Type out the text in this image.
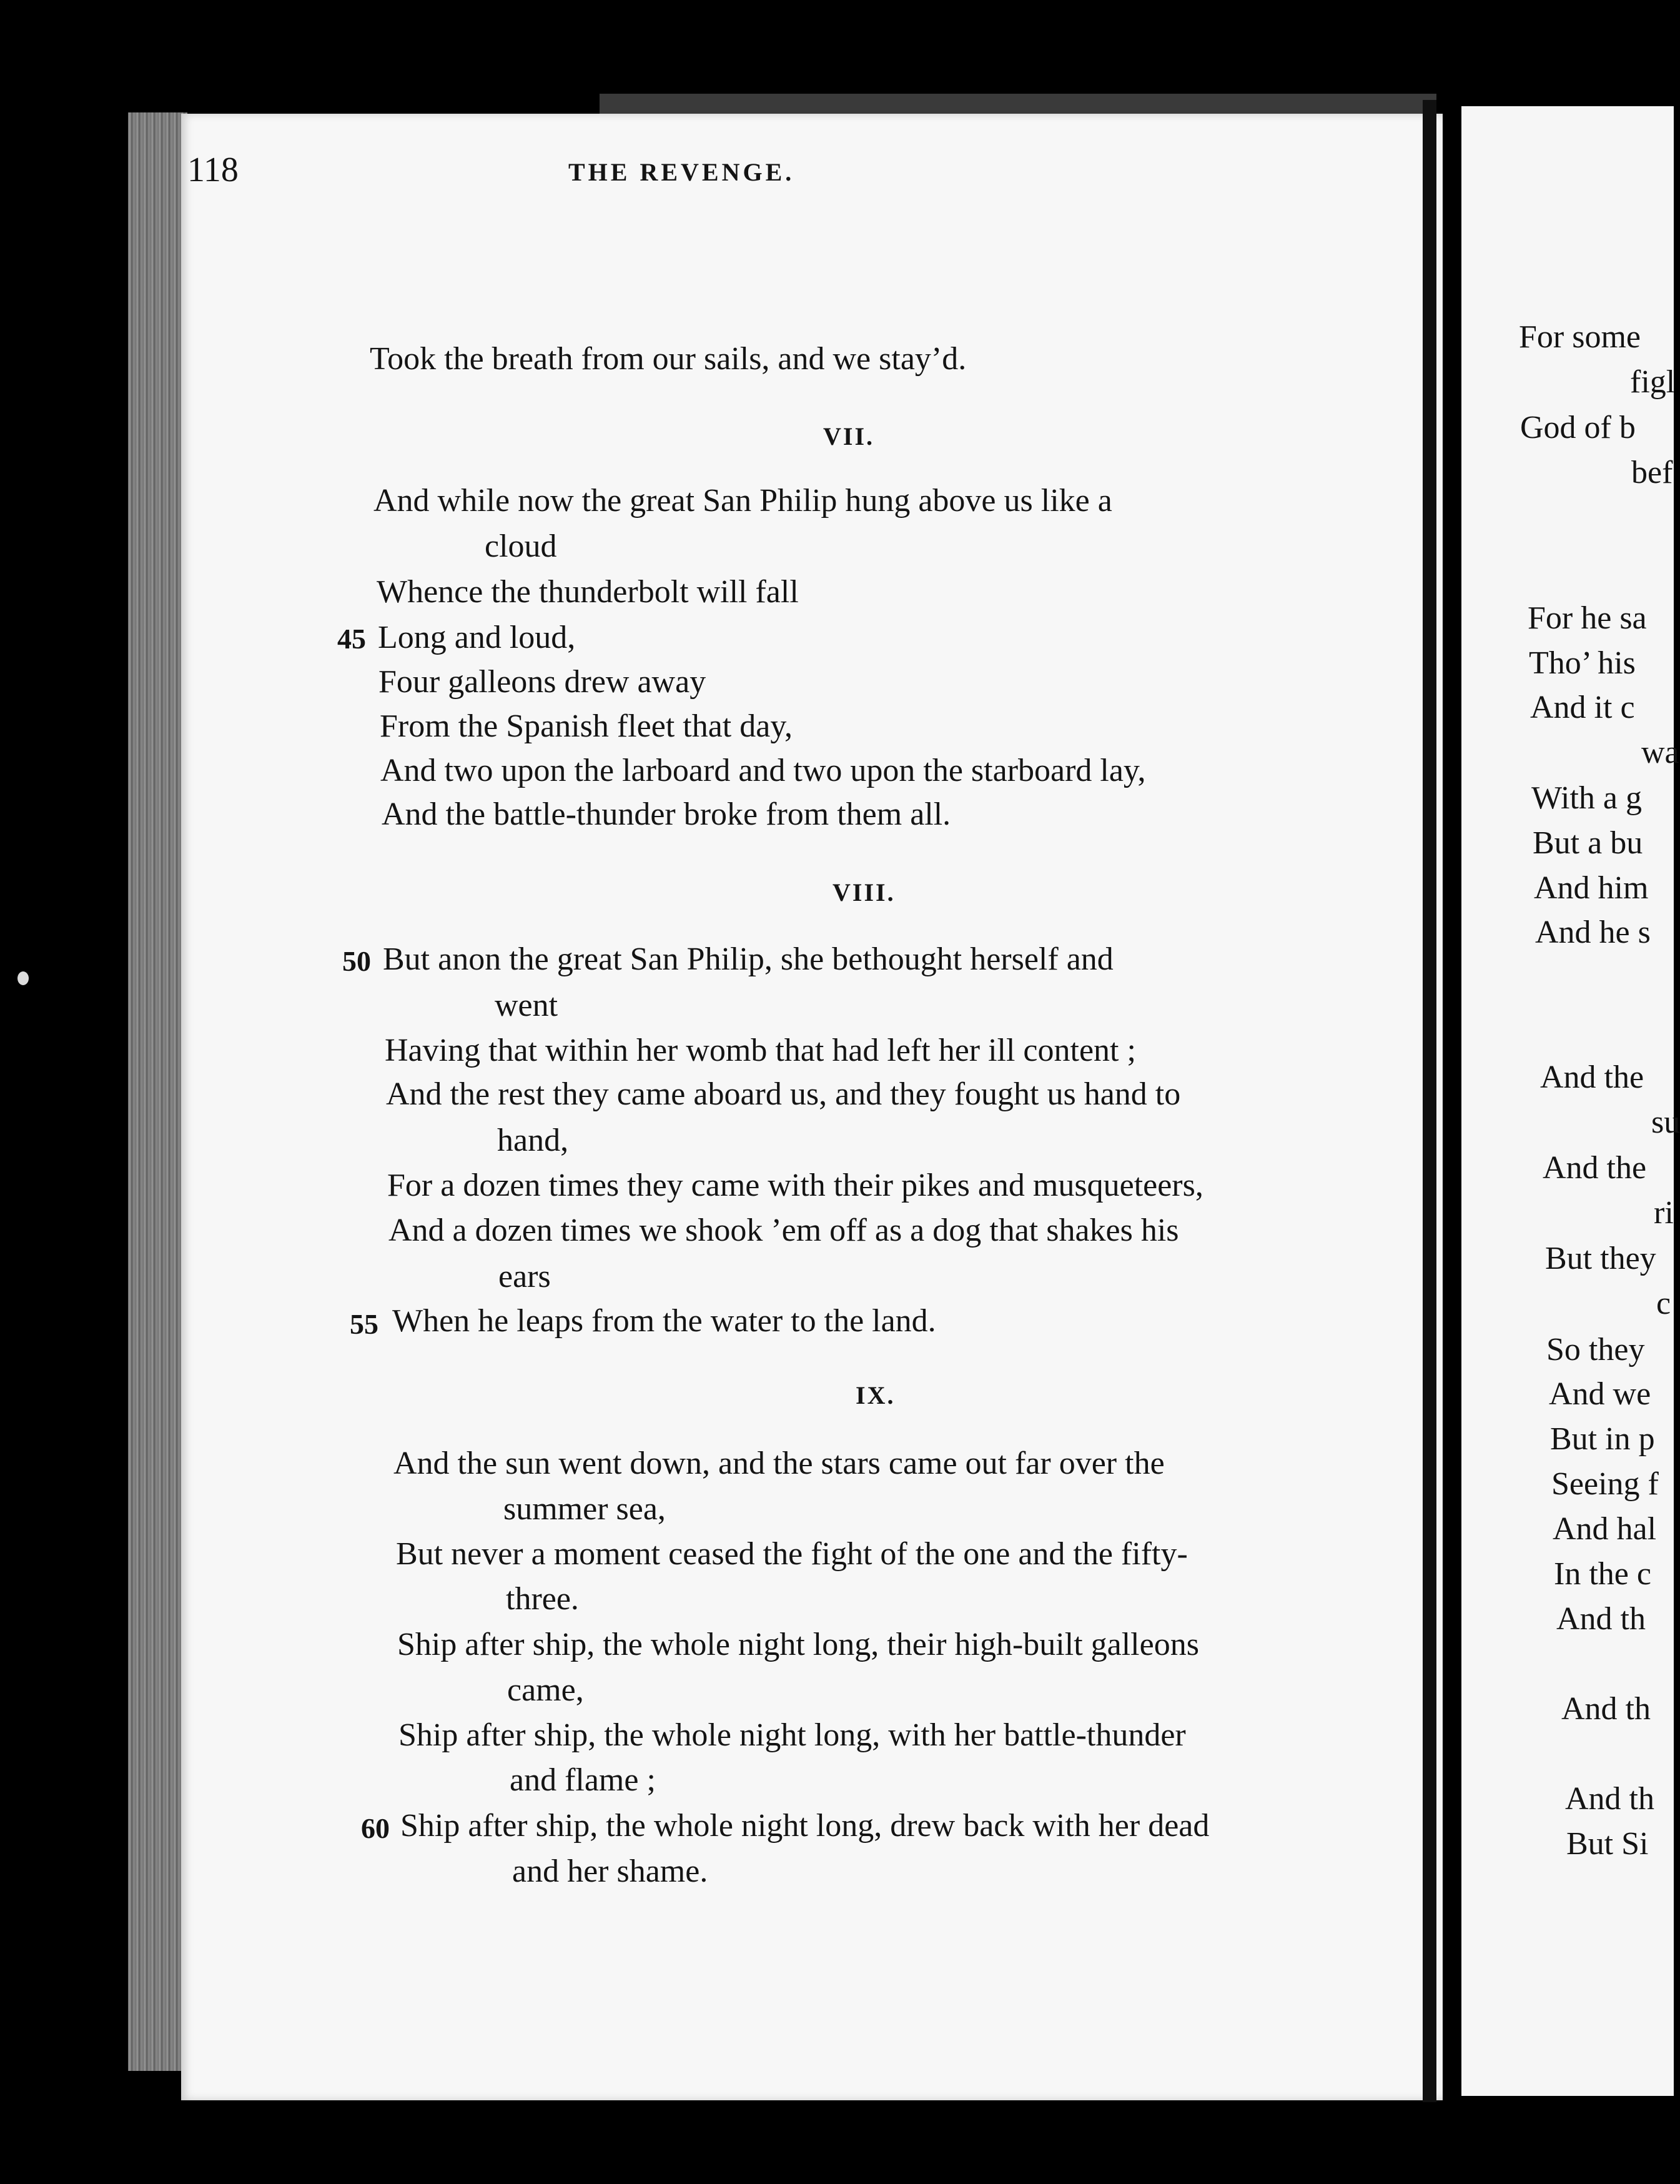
118	THE REVENGE.
Took the breath from our sails, and we stay’d.
VII.
And while now the great San Philip hung above us like a
cloud
Whence the thunderbolt will fall
45 Long and loud,
Four galleons drew away
From the Spanish fleet that day,
And two upon the larboard and two upon the starboard lay,
And the battle-thunder broke from them all.
VIII.
50 But anon the great San Philip, she bethought herself and
went
Having that within her womb that had left her ill content ;
And the rest they came aboard us, and they fought us hand to
hand,
For a dozen times they came with their pikes and musqueteers,
And a dozen times we shook ’em off as a dog that shakes his
ears
55 When he leaps from the water to the land.
IX.
And the sun went down, and the stars came out far over the
summer sea,
But never a moment ceased the fight of the one and the fifty-
three.
Ship after ship, the whole night long, their high-built galleons
came,
Ship after ship, the whole night long, with her battle-thunder
and flame ;
60 Ship after ship, the whole night long, drew back with her dead
and her shame.
For some
figl
God of b
bef
For he sa
Tho’ his
And it c
wa
With a g
But a bu
And him
And he s
And the
su
And the
ri
But they
c
So they
And we
But in p
Seeing f
And hal
In the c
And th
And th
And th
But Si
